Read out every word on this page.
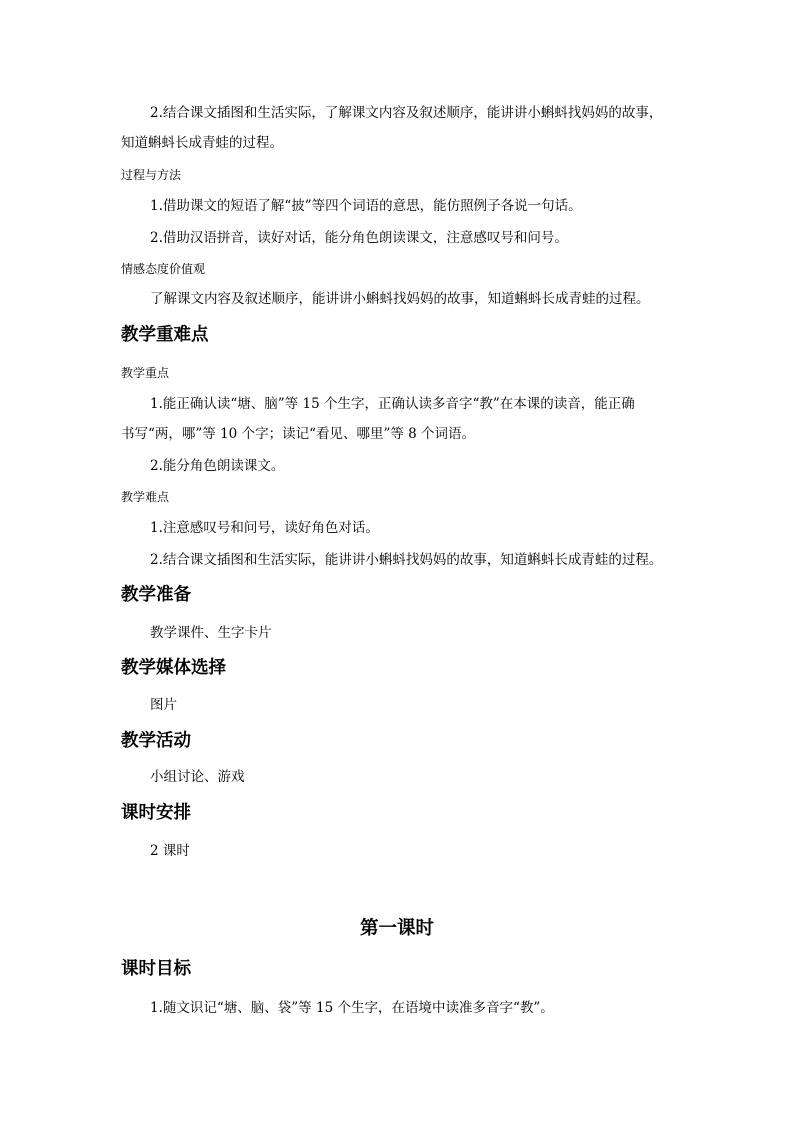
2.结合课文插图和生活实际，了解课文内容及叙述顺序，能讲讲小蝌蚪找妈妈的故事，
知道蝌蚪长成青蛙的过程。
过程与方法
1.借助课文的短语了解“披”等四个词语的意思，能仿照例子各说一句话。
2.借助汉语拼音，读好对话，能分角色朗读课文，注意感叹号和问号。
情感态度价值观
了解课文内容及叙述顺序，能讲讲小蝌蚪找妈妈的故事，知道蝌蚪长成青蛙的过程。
教学重难点
教学重点
1.能正确认读“塘、脑”等 15 个生字，正确认读多音字“教”在本课的读音，能正确
书写“两，哪”等 10 个字；读记“看见、哪里”等 8 个词语。
2.能分角色朗读课文。
教学难点
1.注意感叹号和问号，读好角色对话。
2.结合课文插图和生活实际，能讲讲小蝌蚪找妈妈的故事，知道蝌蚪长成青蛙的过程。
教学准备
教学课件、生字卡片
教学媒体选择
图片
教学活动
小组讨论、游戏
课时安排
2 课时
第一课时
课时目标
1.随文识记“塘、脑、袋”等 15 个生字，在语境中读准多音字“教”。
